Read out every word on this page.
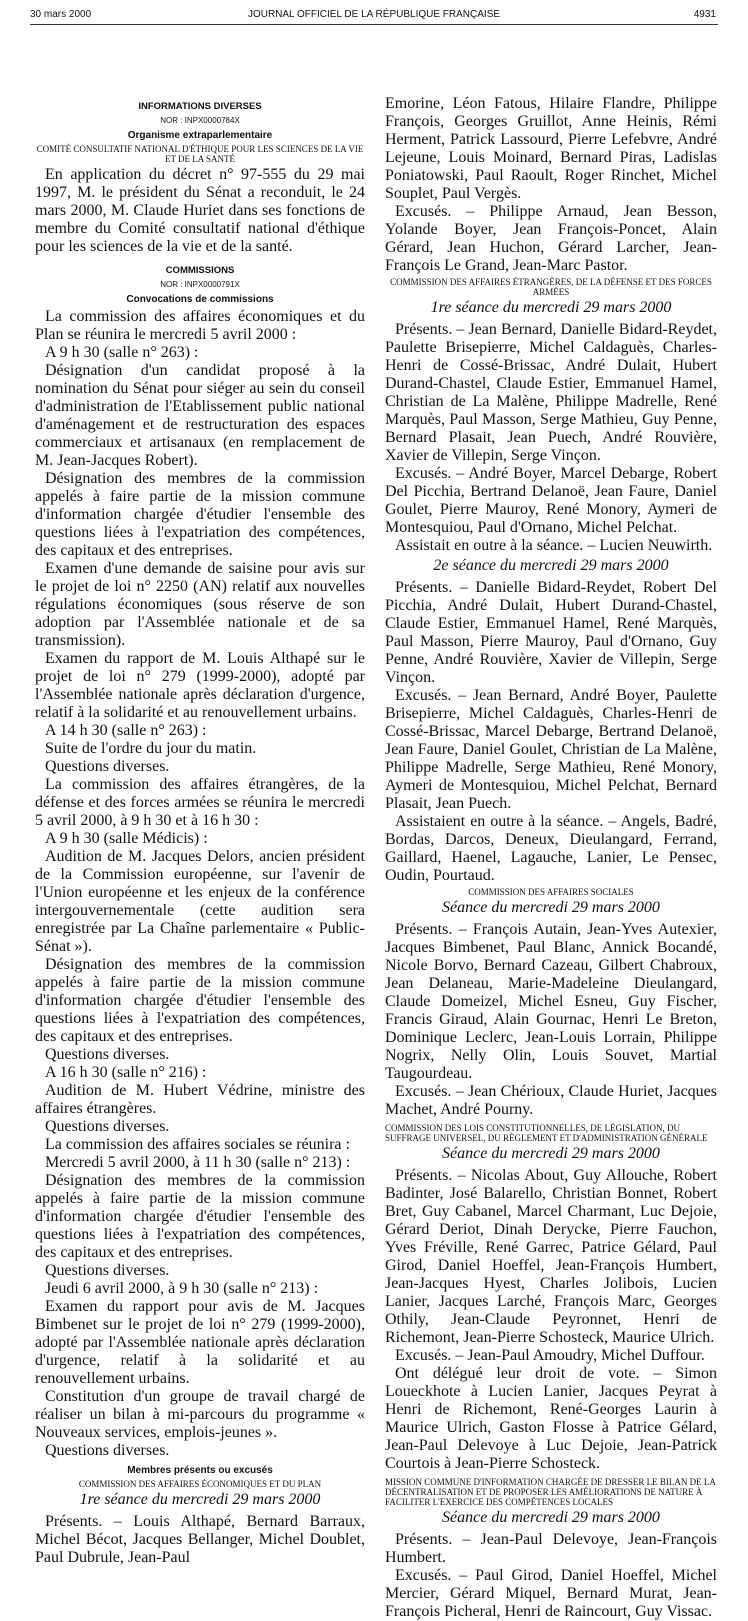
30 mars 2000	JOURNAL OFFICIEL DE LA RÉPUBLIQUE FRANÇAISE	4931
INFORMATIONS DIVERSES
NOR : INPX0000784X
Organisme extraparlementaire
COMITÉ CONSULTATIF NATIONAL D'ÉTHIQUE POUR LES SCIENCES DE LA VIE ET DE LA SANTÉ
En application du décret n° 97-555 du 29 mai 1997, M. le président du Sénat a reconduit, le 24 mars 2000, M. Claude Huriet dans ses fonctions de membre du Comité consultatif national d'éthique pour les sciences de la vie et de la santé.
COMMISSIONS
NOR : INPX0000791X
Convocations de commissions
La commission des affaires économiques et du Plan se réunira le mercredi 5 avril 2000 :
A 9 h 30 (salle n° 263) :
Désignation d'un candidat proposé à la nomination du Sénat pour siéger au sein du conseil d'administration de l'Etablissement public national d'aménagement et de restructuration des espaces commerciaux et artisanaux (en remplacement de M. Jean-Jacques Robert).
Désignation des membres de la commission appelés à faire partie de la mission commune d'information chargée d'étudier l'ensemble des questions liées à l'expatriation des compétences, des capitaux et des entreprises.
Examen d'une demande de saisine pour avis sur le projet de loi n° 2250 (AN) relatif aux nouvelles régulations économiques (sous réserve de son adoption par l'Assemblée nationale et de sa transmission).
Examen du rapport de M. Louis Althapé sur le projet de loi n° 279 (1999-2000), adopté par l'Assemblée nationale après déclaration d'urgence, relatif à la solidarité et au renouvellement urbains.
A 14 h 30 (salle n° 263) :
Suite de l'ordre du jour du matin.
Questions diverses.
La commission des affaires étrangères, de la défense et des forces armées se réunira le mercredi 5 avril 2000, à 9 h 30 et à 16 h 30 :
A 9 h 30 (salle Médicis) :
Audition de M. Jacques Delors, ancien président de la Commission européenne, sur l'avenir de l'Union européenne et les enjeux de la conférence intergouvernementale (cette audition sera enregistrée par La Chaîne parlementaire « Public-Sénat »).
Désignation des membres de la commission appelés à faire partie de la mission commune d'information chargée d'étudier l'ensemble des questions liées à l'expatriation des compétences, des capitaux et des entreprises.
Questions diverses.
A 16 h 30 (salle n° 216) :
Audition de M. Hubert Védrine, ministre des affaires étrangères.
Questions diverses.
La commission des affaires sociales se réunira :
Mercredi 5 avril 2000, à 11 h 30 (salle n° 213) :
Désignation des membres de la commission appelés à faire partie de la mission commune d'information chargée d'étudier l'ensemble des questions liées à l'expatriation des compétences, des capitaux et des entreprises.
Questions diverses.
Jeudi 6 avril 2000, à 9 h 30 (salle n° 213) :
Examen du rapport pour avis de M. Jacques Bimbenet sur le projet de loi n° 279 (1999-2000), adopté par l'Assemblée nationale après déclaration d'urgence, relatif à la solidarité et au renouvellement urbains.
Constitution d'un groupe de travail chargé de réaliser un bilan à mi-parcours du programme « Nouveaux services, emplois-jeunes ».
Questions diverses.
Membres présents ou excusés
COMMISSION DES AFFAIRES ÉCONOMIQUES ET DU PLAN
1re séance du mercredi 29 mars 2000
Présents. – Louis Althapé, Bernard Barraux, Michel Bécot, Jacques Bellanger, Michel Doublet, Paul Dubrule, Jean-Paul
Emorine, Léon Fatous, Hilaire Flandre, Philippe François, Georges Gruillot, Anne Heinis, Rémi Herment, Patrick Lassourd, Pierre Lefebvre, André Lejeune, Louis Moinard, Bernard Piras, Ladislas Poniatowski, Paul Raoult, Roger Rinchet, Michel Souplet, Paul Vergès.
Excusés. – Philippe Arnaud, Jean Besson, Yolande Boyer, Jean François-Poncet, Alain Gérard, Jean Huchon, Gérard Larcher, Jean-François Le Grand, Jean-Marc Pastor.
COMMISSION DES AFFAIRES ÉTRANGÈRES, DE LA DÉFENSE ET DES FORCES ARMÉES
1re séance du mercredi 29 mars 2000
Présents. – Jean Bernard, Danielle Bidard-Reydet, Paulette Brisepierre, Michel Caldaguès, Charles-Henri de Cossé-Brissac, André Dulait, Hubert Durand-Chastel, Claude Estier, Emmanuel Hamel, Christian de La Malène, Philippe Madrelle, René Marquès, Paul Masson, Serge Mathieu, Guy Penne, Bernard Plasait, Jean Puech, André Rouvière, Xavier de Villepin, Serge Vinçon.
Excusés. – André Boyer, Marcel Debarge, Robert Del Picchia, Bertrand Delanoë, Jean Faure, Daniel Goulet, Pierre Mauroy, René Monory, Aymeri de Montesquiou, Paul d'Ornano, Michel Pelchat.
Assistait en outre à la séance. – Lucien Neuwirth.
2e séance du mercredi 29 mars 2000
Présents. – Danielle Bidard-Reydet, Robert Del Picchia, André Dulait, Hubert Durand-Chastel, Claude Estier, Emmanuel Hamel, René Marquès, Paul Masson, Pierre Mauroy, Paul d'Ornano, Guy Penne, André Rouvière, Xavier de Villepin, Serge Vinçon.
Excusés. – Jean Bernard, André Boyer, Paulette Brisepierre, Michel Caldaguès, Charles-Henri de Cossé-Brissac, Marcel Debarge, Bertrand Delanoë, Jean Faure, Daniel Goulet, Christian de La Malène, Philippe Madrelle, Serge Mathieu, René Monory, Aymeri de Montesquiou, Michel Pelchat, Bernard Plasait, Jean Puech.
Assistaient en outre à la séance. – Angels, Badré, Bordas, Darcos, Deneux, Dieulangard, Ferrand, Gaillard, Haenel, Lagauche, Lanier, Le Pensec, Oudin, Pourtaud.
COMMISSION DES AFFAIRES SOCIALES
Séance du mercredi 29 mars 2000
Présents. – François Autain, Jean-Yves Autexier, Jacques Bimbenet, Paul Blanc, Annick Bocandé, Nicole Borvo, Bernard Cazeau, Gilbert Chabroux, Jean Delaneau, Marie-Madeleine Dieulangard, Claude Domeizel, Michel Esneu, Guy Fischer, Francis Giraud, Alain Gournac, Henri Le Breton, Dominique Leclerc, Jean-Louis Lorrain, Philippe Nogrix, Nelly Olin, Louis Souvet, Martial Taugourdeau.
Excusés. – Jean Chérioux, Claude Huriet, Jacques Machet, André Pourny.
COMMISSION DES LOIS CONSTITUTIONNELLES, DE LÉGISLATION, DU SUFFRAGE UNIVERSEL, DU RÈGLEMENT ET D'ADMINISTRATION GÉNÉRALE
Séance du mercredi 29 mars 2000
Présents. – Nicolas About, Guy Allouche, Robert Badinter, José Balarello, Christian Bonnet, Robert Bret, Guy Cabanel, Marcel Charmant, Luc Dejoie, Gérard Deriot, Dinah Derycke, Pierre Fauchon, Yves Fréville, René Garrec, Patrice Gélard, Paul Girod, Daniel Hoeffel, Jean-François Humbert, Jean-Jacques Hyest, Charles Jolibois, Lucien Lanier, Jacques Larché, François Marc, Georges Othily, Jean-Claude Peyronnet, Henri de Richemont, Jean-Pierre Schosteck, Maurice Ulrich.
Excusés. – Jean-Paul Amoudry, Michel Duffour.
Ont délégué leur droit de vote. – Simon Loueckhote à Lucien Lanier, Jacques Peyrat à Henri de Richemont, René-Georges Laurin à Maurice Ulrich, Gaston Flosse à Patrice Gélard, Jean-Paul Delevoye à Luc Dejoie, Jean-Patrick Courtois à Jean-Pierre Schosteck.
MISSION COMMUNE D'INFORMATION CHARGÉE DE DRESSER LE BILAN DE LA DÉCENTRALISATION ET DE PROPOSER LES AMÉLIORATIONS DE NATURE À FACILITER L'EXERCICE DES COMPÉTENCES LOCALES
Séance du mercredi 29 mars 2000
Présents. – Jean-Paul Delevoye, Jean-François Humbert.
Excusés. – Paul Girod, Daniel Hoeffel, Michel Mercier, Gérard Miquel, Bernard Murat, Jean-François Picheral, Henri de Raincourt, Guy Vissac.
